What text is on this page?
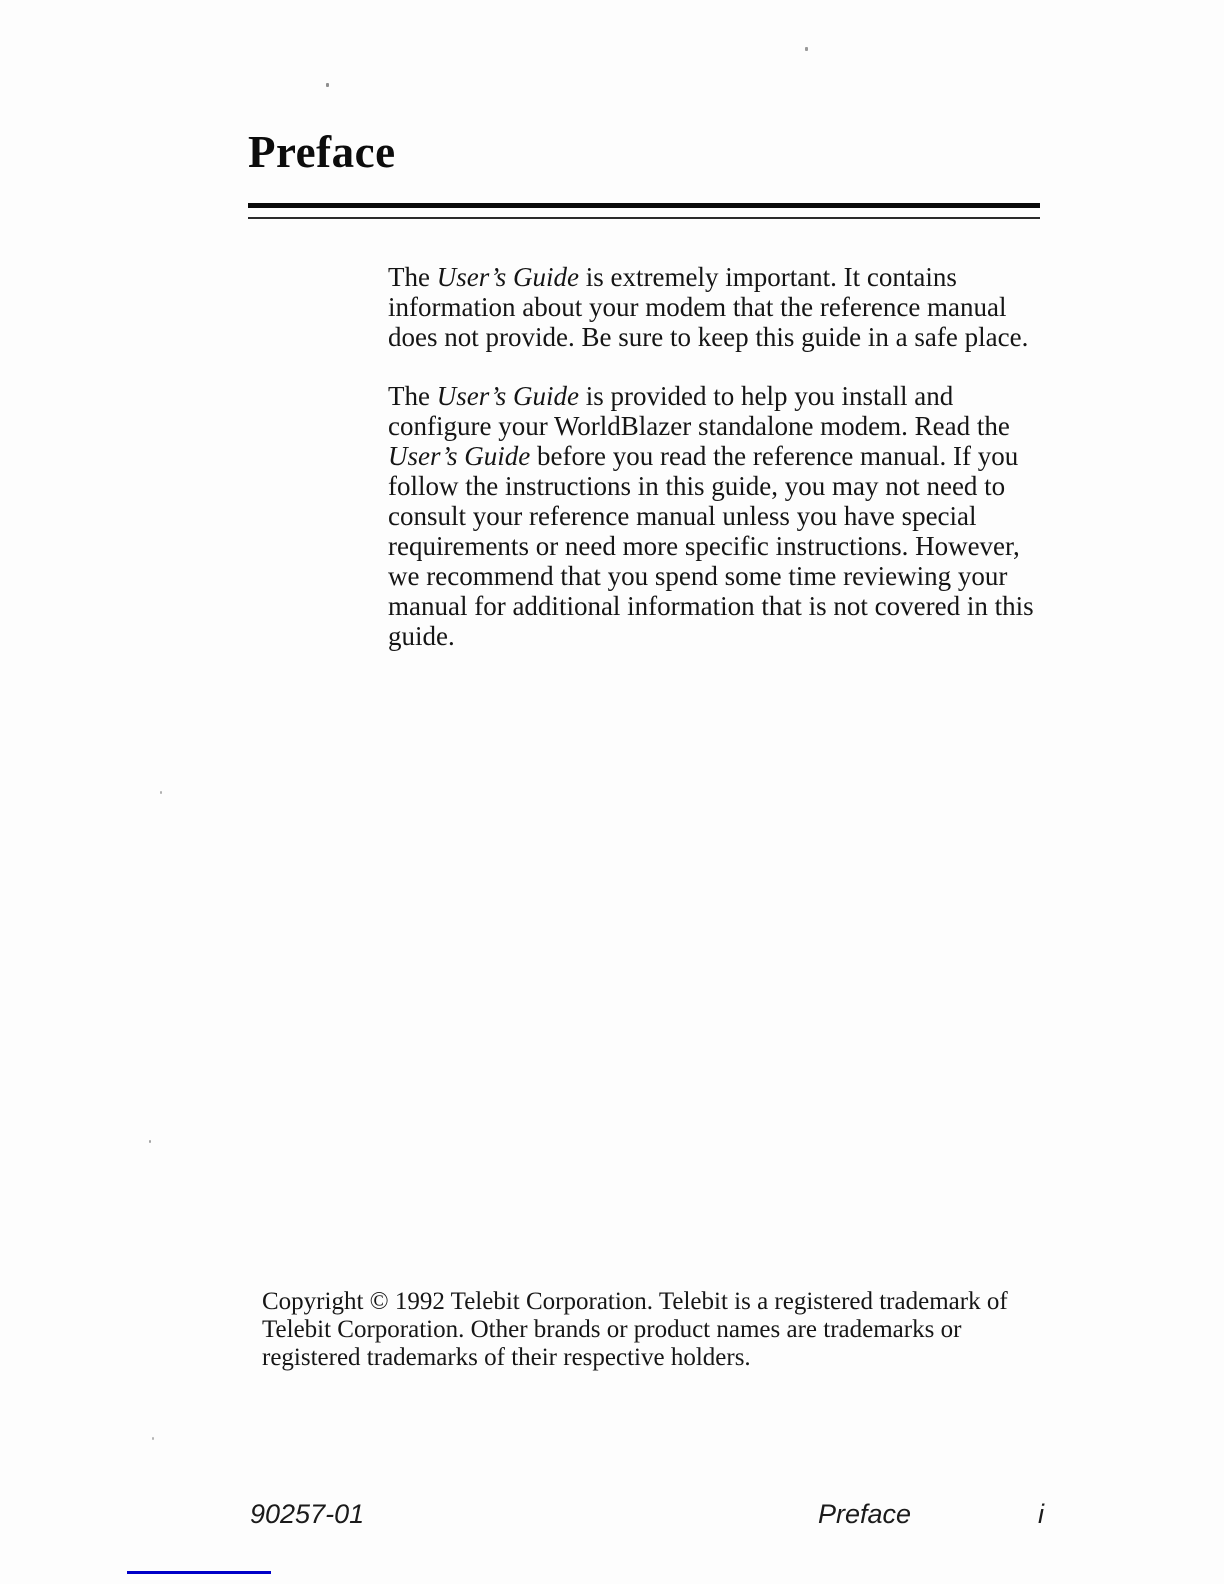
Preface

The User’s Guide is extremely important. It contains information about your modem that the reference manual does not provide. Be sure to keep this guide in a safe place.

The User’s Guide is provided to help you install and configure your WorldBlazer standalone modem. Read the User’s Guide before you read the reference manual. If you follow the instructions in this guide, you may not need to consult your reference manual unless you have special requirements or need more specific instructions. However, we recommend that you spend some time reviewing your manual for additional information that is not covered in this guide.

Copyright © 1992 Telebit Corporation. Telebit is a registered trademark of Telebit Corporation. Other brands or product names are trademarks or registered trademarks of their respective holders.

90257-01	Preface	i
